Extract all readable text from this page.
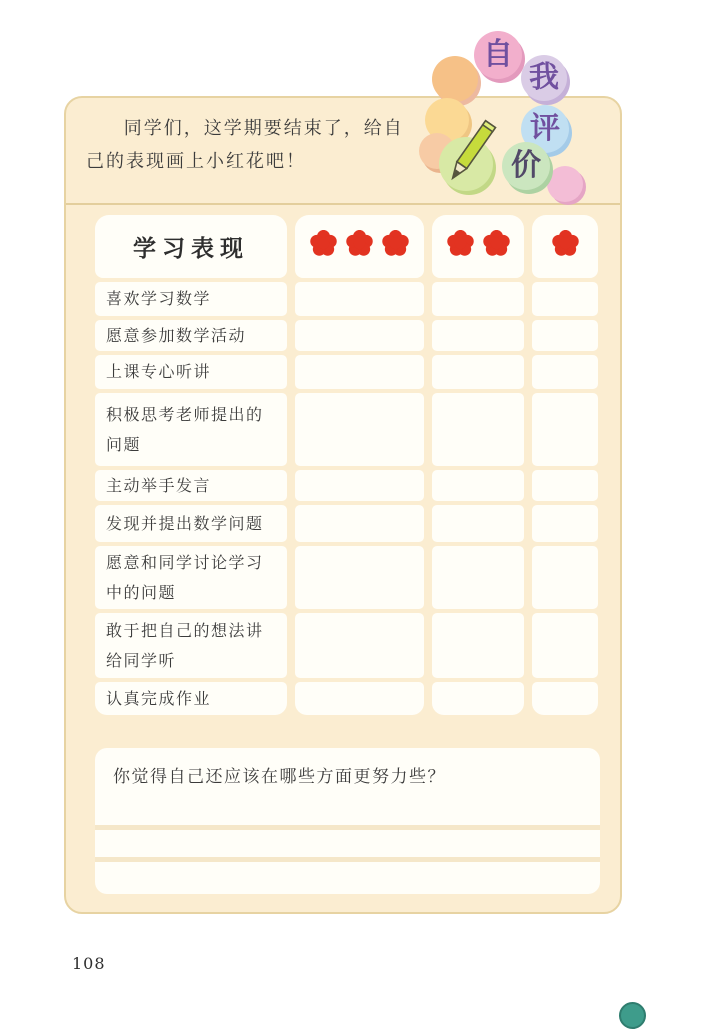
自
我
评
价
同学们，这学期要结束了，给自
己的表现画上小红花吧！
学习表现
喜欢学习数学
愿意参加数学活动
上课专心听讲
积极思考老师提出的问题
主动举手发言
发现并提出数学问题
愿意和同学讨论学习中的问题
敢于把自己的想法讲给同学听
认真完成作业
你觉得自己还应该在哪些方面更努力些？
108
